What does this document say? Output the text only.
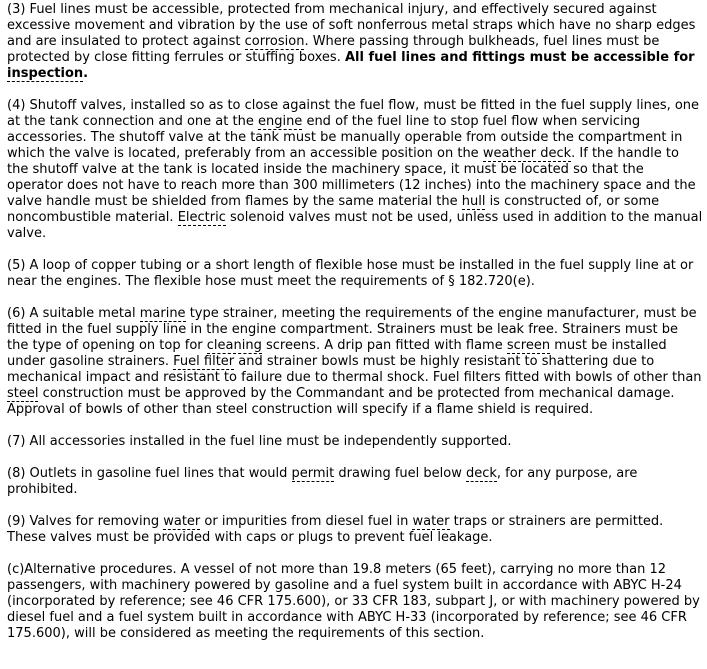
(3) Fuel lines must be accessible, protected from mechanical injury, and effectively secured against excessive movement and vibration by the use of soft nonferrous metal straps which have no sharp edges and are insulated to protect against corrosion. Where passing through bulkheads, fuel lines must be protected by close fitting ferrules or stuffing boxes. All fuel lines and fittings must be accessible for inspection.

(4) Shutoff valves, installed so as to close against the fuel flow, must be fitted in the fuel supply lines, one at the tank connection and one at the engine end of the fuel line to stop fuel flow when servicing accessories. The shutoff valve at the tank must be manually operable from outside the compartment in which the valve is located, preferably from an accessible position on the weather deck. If the handle to the shutoff valve at the tank is located inside the machinery space, it must be located so that the operator does not have to reach more than 300 millimeters (12 inches) into the machinery space and the valve handle must be shielded from flames by the same material the hull is constructed of, or some noncombustible material. Electric solenoid valves must not be used, unless used in addition to the manual valve.

(5) A loop of copper tubing or a short length of flexible hose must be installed in the fuel supply line at or near the engines. The flexible hose must meet the requirements of § 182.720(e).

(6) A suitable metal marine type strainer, meeting the requirements of the engine manufacturer, must be fitted in the fuel supply line in the engine compartment. Strainers must be leak free. Strainers must be the type of opening on top for cleaning screens. A drip pan fitted with flame screen must be installed under gasoline strainers. Fuel filter and strainer bowls must be highly resistant to shattering due to mechanical impact and resistant to failure due to thermal shock. Fuel filters fitted with bowls of other than steel construction must be approved by the Commandant and be protected from mechanical damage. Approval of bowls of other than steel construction will specify if a flame shield is required.

(7) All accessories installed in the fuel line must be independently supported.

(8) Outlets in gasoline fuel lines that would permit drawing fuel below deck, for any purpose, are prohibited.

(9) Valves for removing water or impurities from diesel fuel in water traps or strainers are permitted. These valves must be provided with caps or plugs to prevent fuel leakage.

(c)Alternative procedures. A vessel of not more than 19.8 meters (65 feet), carrying no more than 12 passengers, with machinery powered by gasoline and a fuel system built in accordance with ABYC H-24 (incorporated by reference; see 46 CFR 175.600), or 33 CFR 183, subpart J, or with machinery powered by diesel fuel and a fuel system built in accordance with ABYC H-33 (incorporated by reference; see 46 CFR 175.600), will be considered as meeting the requirements of this section.
